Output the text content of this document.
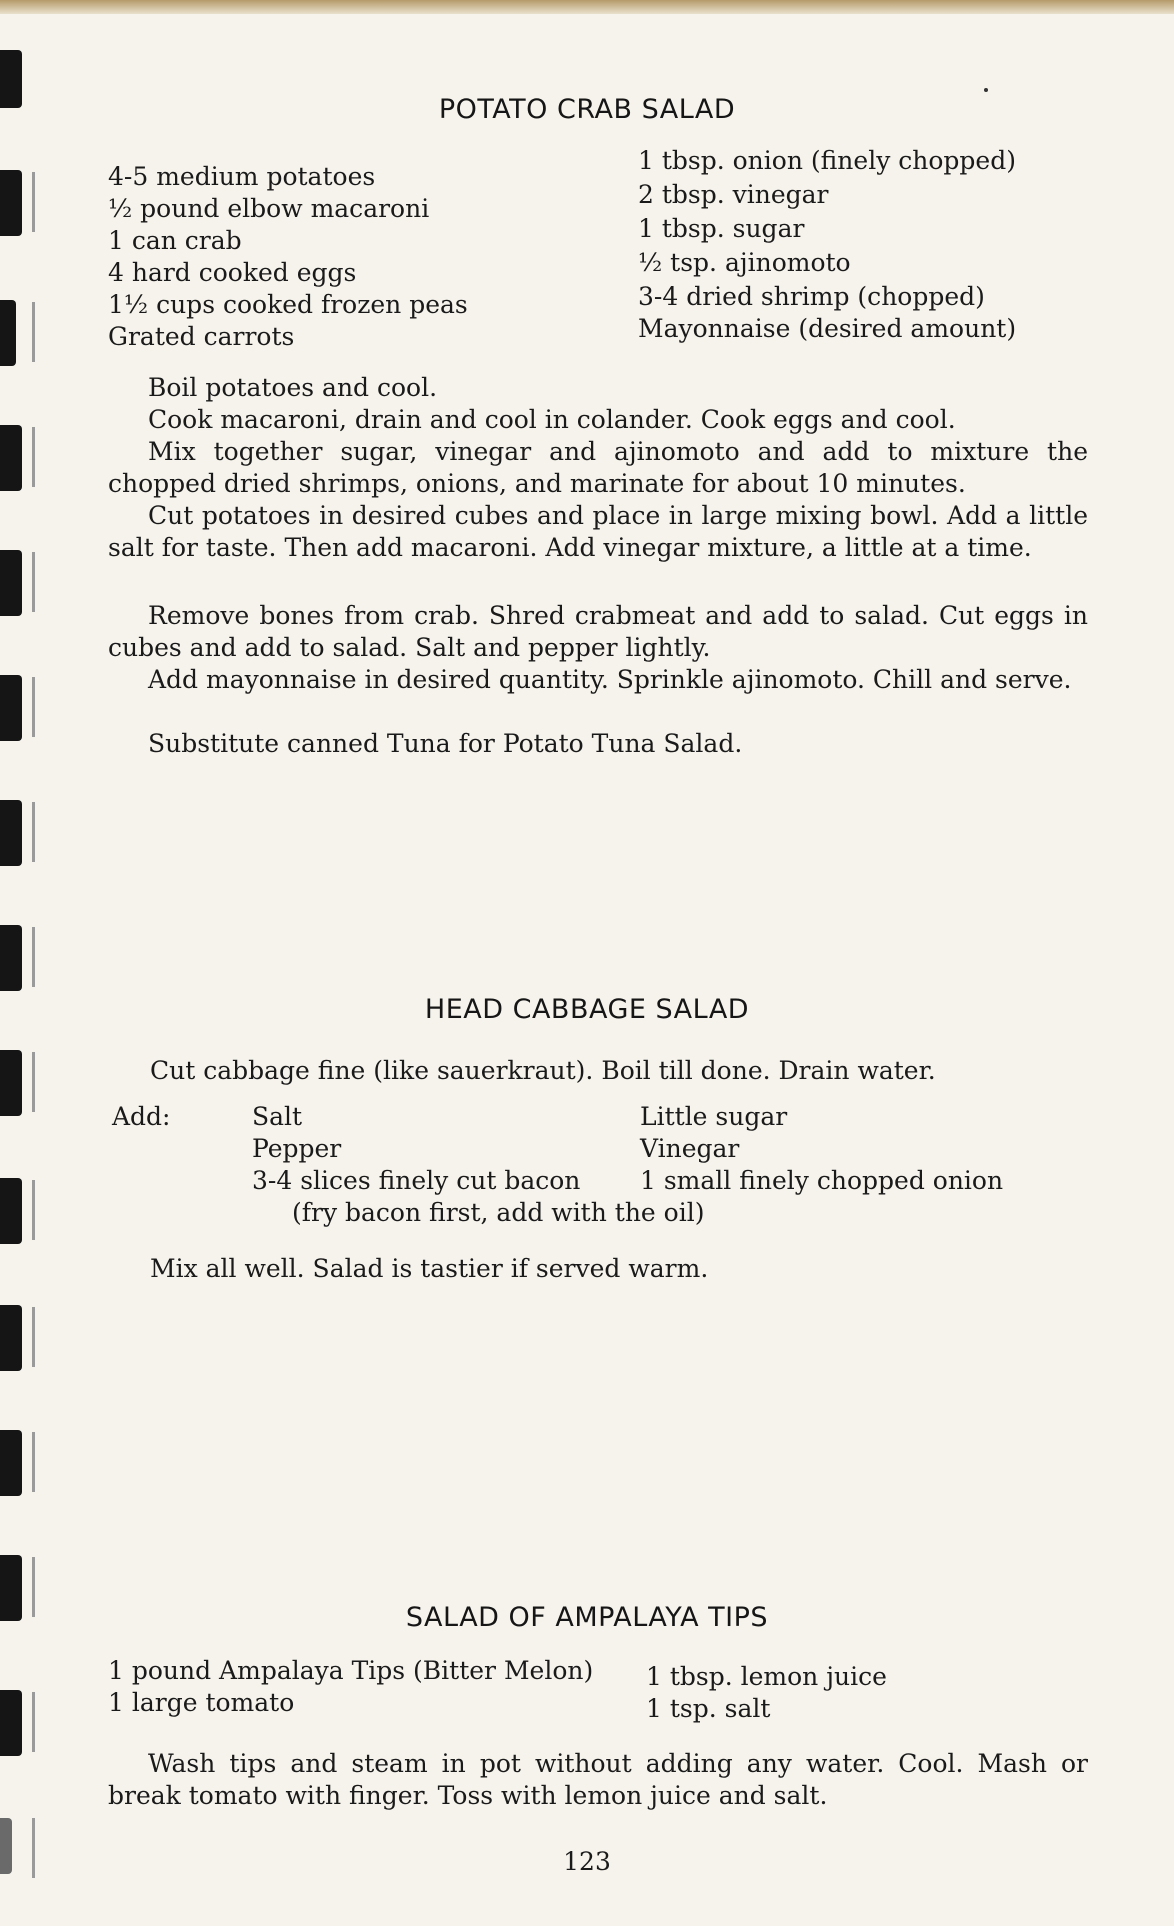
POTATO CRAB SALAD
4-5 medium potatoes
½ pound elbow macaroni
1 can crab
4 hard cooked eggs
1½ cups cooked frozen peas
Grated carrots
1 tbsp. onion (finely chopped)
2 tbsp. vinegar
1 tbsp. sugar
½ tsp. ajinomoto
3-4 dried shrimp (chopped)
Mayonnaise (desired amount)
Boil potatoes and cool.
Cook macaroni, drain and cool in colander. Cook eggs and cool.
Mix together sugar, vinegar and ajinomoto and add to mixture the chopped dried shrimps, onions, and marinate for about 10 minutes.
Cut potatoes in desired cubes and place in large mixing bowl. Add a little salt for taste. Then add macaroni. Add vinegar mixture, a little at a time.
Remove bones from crab. Shred crabmeat and add to salad. Cut eggs in cubes and add to salad. Salt and pepper lightly.
Add mayonnaise in desired quantity. Sprinkle ajinomoto. Chill and serve.
Substitute canned Tuna for Potato Tuna Salad.
HEAD CABBAGE SALAD
Cut cabbage fine (like sauerkraut). Boil till done. Drain water.
Add:	Salt
Pepper
3-4 slices finely cut bacon
(fry bacon first, add with the oil)
Little sugar
Vinegar
1 small finely chopped onion
Mix all well. Salad is tastier if served warm.
SALAD OF AMPALAYA TIPS
1 pound Ampalaya Tips (Bitter Melon)
1 large tomato
1 tbsp. lemon juice
1 tsp. salt
Wash tips and steam in pot without adding any water. Cool. Mash or break tomato with finger. Toss with lemon juice and salt.
123
